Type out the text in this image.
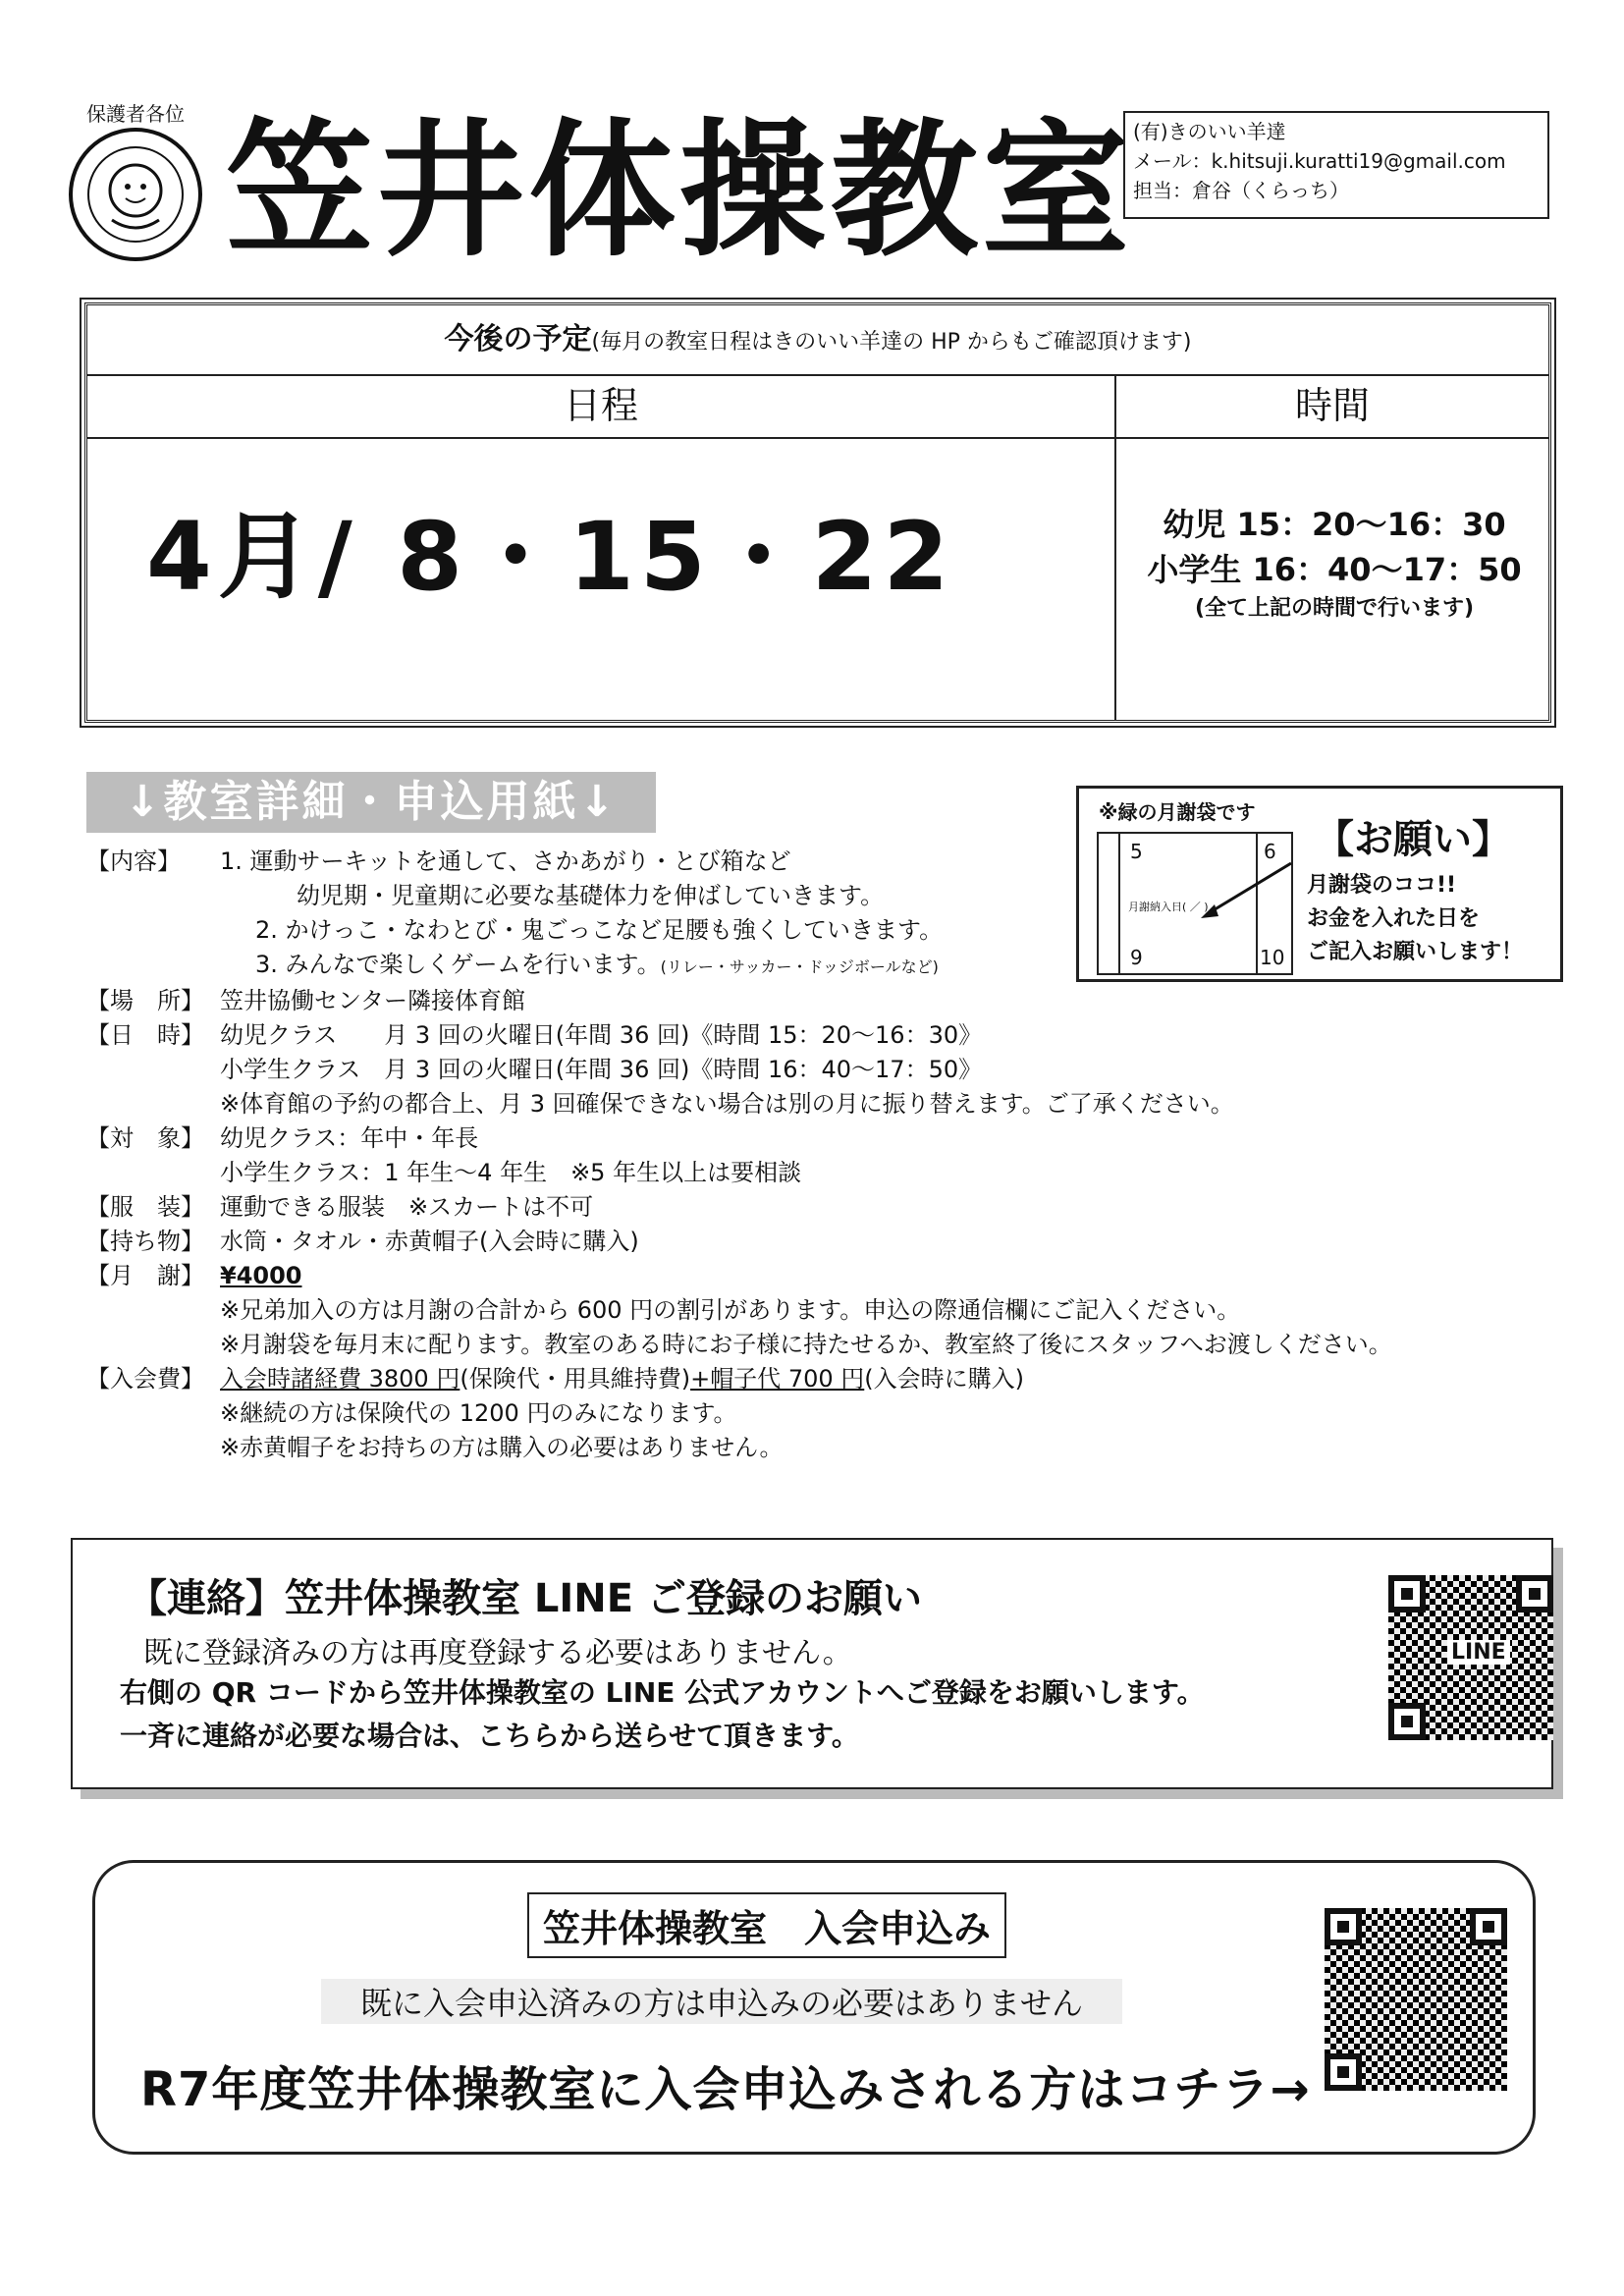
保護者各位 笠井体操教室 (有)きのいい羊達
メール：k.hitsuji.kuratti19@gmail.com
担当：倉谷（くらっち）
今後の予定(毎月の教室日程はきのいい羊達の HP からもご確認頂けます)
日程	時間
4月/ 8・15・22	幼児 15：20～16：30
小学生 16：40～17：50
(全て上記の時間で行います)
↓教室詳細・申込用紙↓	※緑の月謝袋です
5	6
月謝納入日( ／ )
9	10
【お願い】
月謝袋のココ!!
お金を入れた日を
ご記入お願いします！
【内容】	1. 運動サーキットを通して、さかあがり・とび箱など
幼児期・児童期に必要な基礎体力を伸ばしていきます。
2. かけっこ・なわとび・鬼ごっこなど足腰も強くしていきます。
3. みんなで楽しくゲームを行います。(リレー・サッカー・ドッジボールなど)
【場　所】 笠井協働センター隣接体育館
【日　時】 幼児クラス　　月 3 回の火曜日(年間 36 回)《時間 15：20～16：30》
小学生クラス　月 3 回の火曜日(年間 36 回)《時間 16：40～17：50》
※体育館の予約の都合上、月 3 回確保できない場合は別の月に振り替えます。ご了承ください。
【対　象】 幼児クラス：年中・年長
小学生クラス：1 年生～4 年生　※5 年生以上は要相談
【服　装】 運動できる服装　※スカートは不可
【持ち物】 水筒・タオル・赤黄帽子(入会時に購入)
【月　謝】 ¥4000
※兄弟加入の方は月謝の合計から 600 円の割引があります。申込の際通信欄にご記入ください。
※月謝袋を毎月末に配ります。教室のある時にお子様に持たせるか、教室終了後にスタッフへお渡しください。
【入会費】 入会時諸経費 3800 円(保険代・用具維持費)+帽子代 700 円(入会時に購入)
※継続の方は保険代の 1200 円のみになります。
※赤黄帽子をお持ちの方は購入の必要はありません。
【連絡】笠井体操教室 LINE ご登録のお願い
既に登録済みの方は再度登録する必要はありません。
右側の QR コードから笠井体操教室の LINE 公式アカウントへご登録をお願いします。
一斉に連絡が必要な場合は、こちらから送らせて頂きます。
LINE
笠井体操教室　入会申込み
既に入会申込済みの方は申込みの必要はありません
R7年度笠井体操教室に入会申込みされる方はコチラ→
